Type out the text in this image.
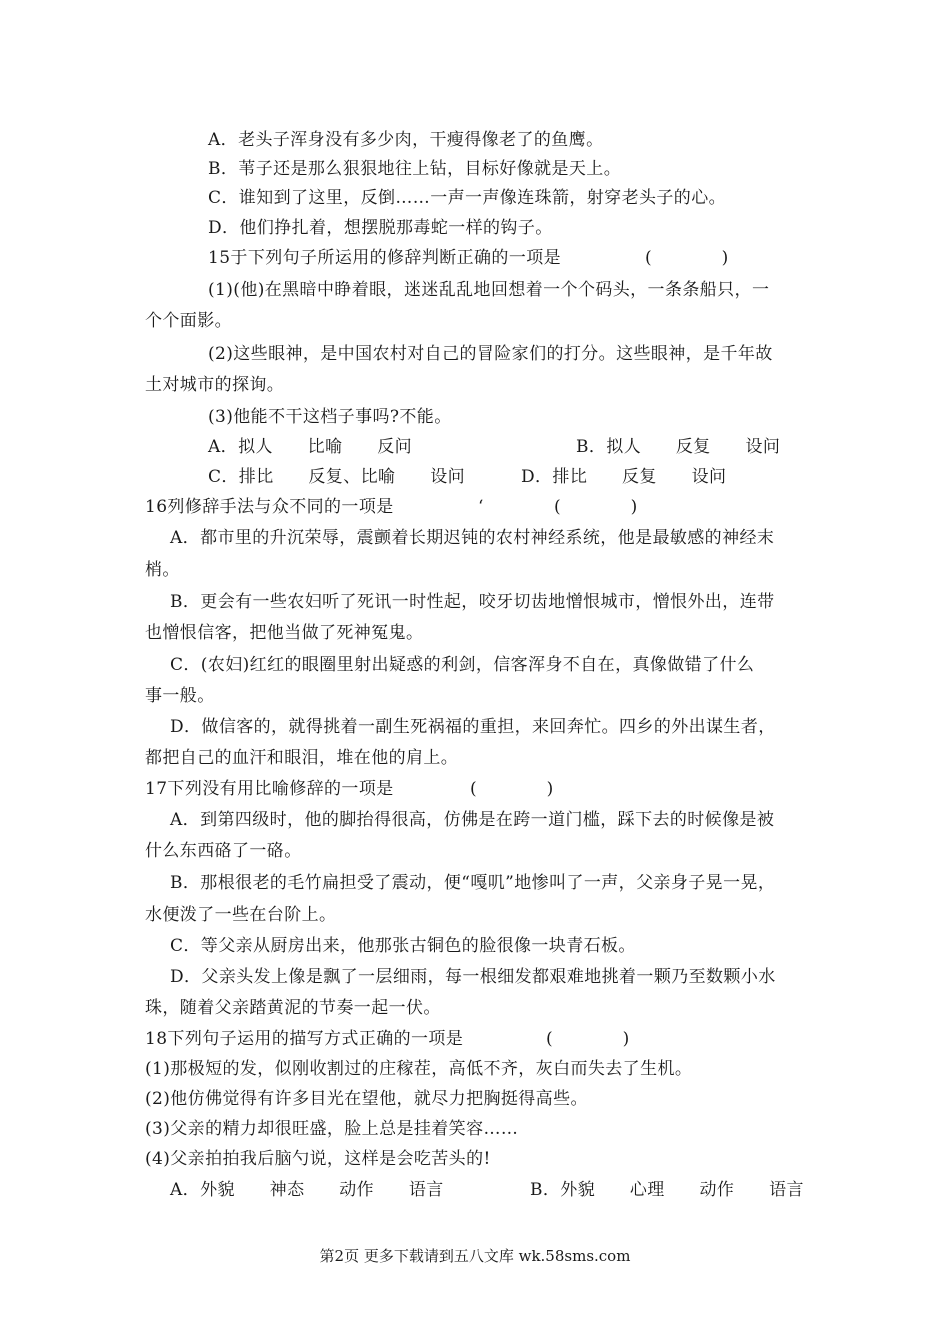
A．老头子浑身没有多少肉，干瘦得像老了的鱼鹰。
B．苇子还是那么狠狠地往上钻，目标好像就是天上。
C．谁知到了这里，反倒……一声一声像连珠箭，射穿老头子的心。
D．他们挣扎着，想摆脱那毒蛇一样的钩子。
15于下列句子所运用的修辞判断正确的一项是	(　　　　)
(1)(他)在黑暗中睁着眼，迷迷乱乱地回想着一个个码头，一条条船只，一
个个面影。
(2)这些眼神，是中国农村对自己的冒险家们的打分。这些眼神，是千年故
土对城市的探询。
(3)他能不干这档子事吗?不能。
A．拟人　　比喻　　反问	B．拟人　　反复　　设问
C．排比　　反复、比喻　　设问	D．排比　　反复　　设问
16列修辞手法与众不同的一项是	‘	(　　　　)
A．都市里的升沉荣辱，震颤着长期迟钝的农村神经系统，他是最敏感的神经末
梢。
B．更会有一些农妇听了死讯一时性起，咬牙切齿地憎恨城市，憎恨外出，连带
也憎恨信客，把他当做了死神冤鬼。
C．(农妇)红红的眼圈里射出疑惑的利剑，信客浑身不自在，真像做错了什么
事一般。
D．做信客的，就得挑着一副生死祸福的重担，来回奔忙。四乡的外出谋生者，
都把自己的血汗和眼泪，堆在他的肩上。
17下列没有用比喻修辞的一项是	(　　　　)
A．到第四级时，他的脚抬得很高，仿佛是在跨一道门槛，踩下去的时候像是被
什么东西硌了一硌。
B．那根很老的毛竹扁担受了震动，便“嘎叽”地惨叫了一声，父亲身子晃一晃，
水便泼了一些在台阶上。
C．等父亲从厨房出来，他那张古铜色的脸很像一块青石板。
D．父亲头发上像是飘了一层细雨，每一根细发都艰难地挑着一颗乃至数颗小水
珠，随着父亲踏黄泥的节奏一起一伏。
18下列句子运用的描写方式正确的一项是	(　　　　)
(1)那极短的发，似刚收割过的庄稼茬，高低不齐，灰白而失去了生机。
(2)他仿佛觉得有许多目光在望他，就尽力把胸挺得高些。
(3)父亲的精力却很旺盛，脸上总是挂着笑容……
(4)父亲拍拍我后脑勺说，这样是会吃苦头的!
A．外貌　　神态　　动作　　语言	B．外貌　　心理　　动作　　语言
第2页 更多下载请到五八文库 wk.58sms.com
